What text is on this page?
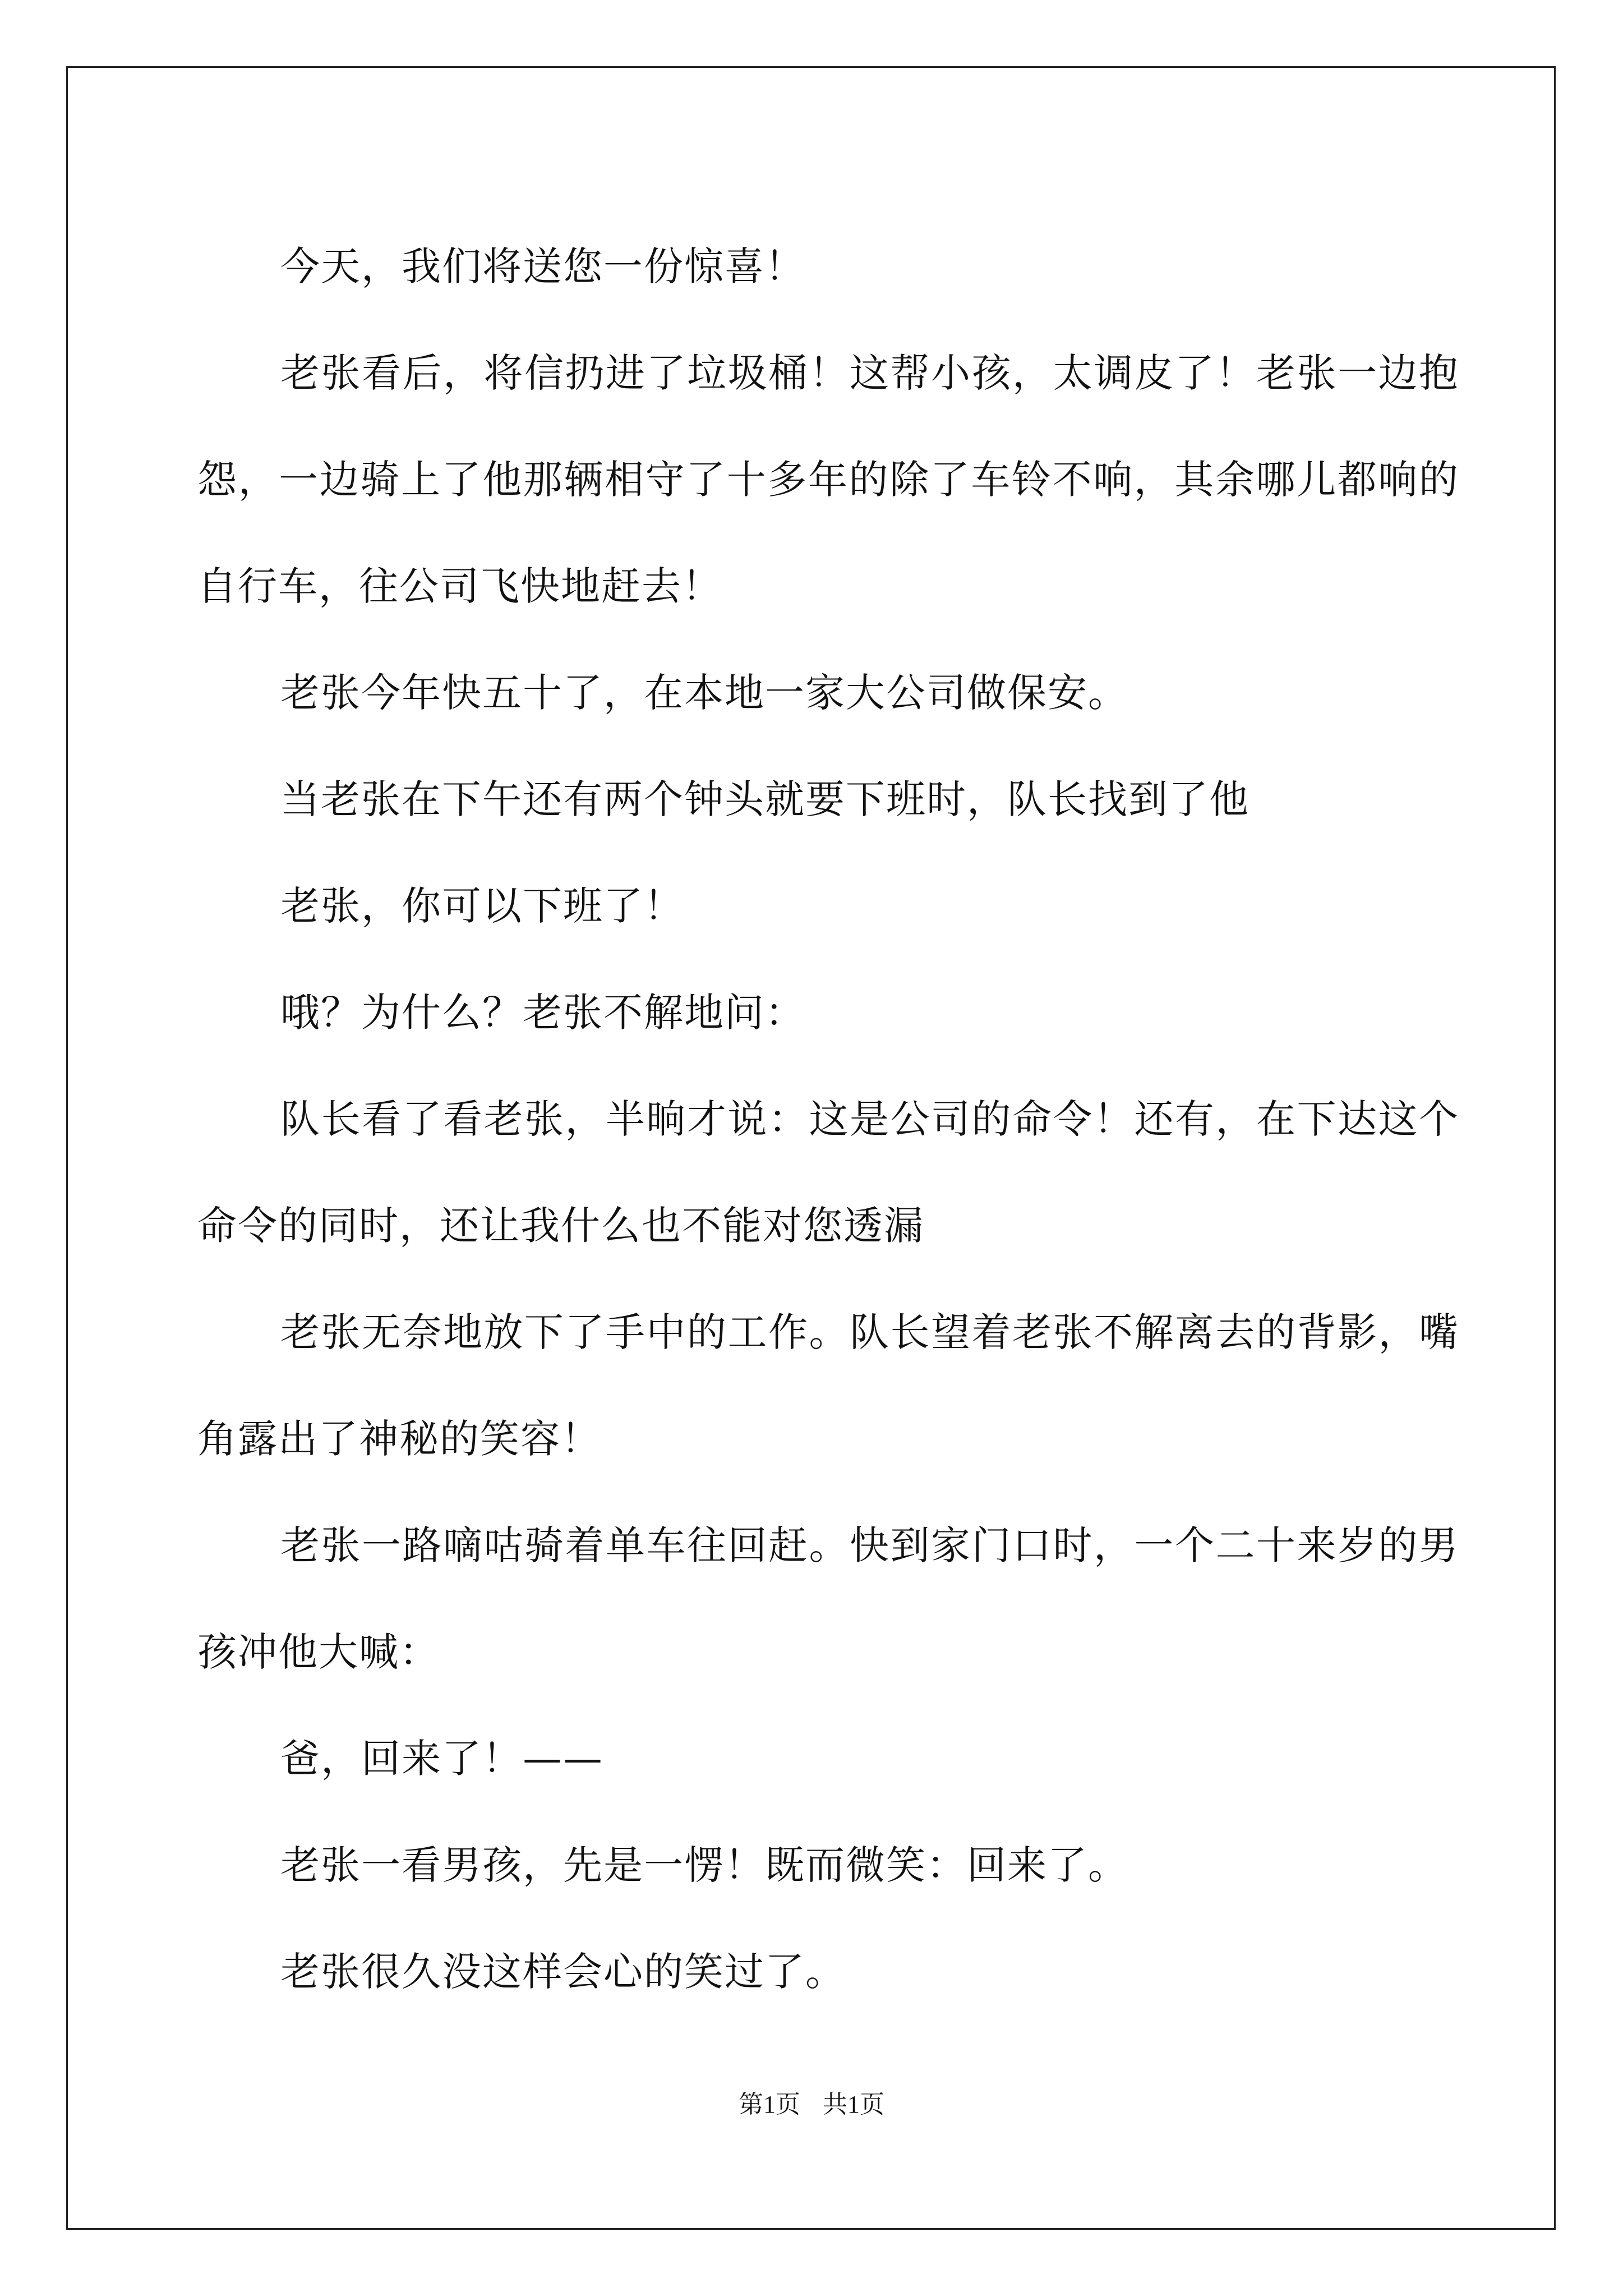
今天，我们将送您一份惊喜！

老张看后，将信扔进了垃圾桶！这帮小孩，太调皮了！老张一边抱怨，一边骑上了他那辆相守了十多年的除了车铃不响，其余哪儿都响的自行车，往公司飞快地赶去！

老张今年快五十了，在本地一家大公司做保安。

当老张在下午还有两个钟头就要下班时，队长找到了他

老张，你可以下班了！

哦？为什么？老张不解地问：

队长看了看老张，半晌才说：这是公司的命令！还有，在下达这个命令的同时，还让我什么也不能对您透漏

老张无奈地放下了手中的工作。队长望着老张不解离去的背影，嘴角露出了神秘的笑容！

老张一路嘀咕骑着单车往回赶。快到家门口时，一个二十来岁的男孩冲他大喊：

爸，回来了！——

老张一看男孩，先是一愣！既而微笑：回来了。

老张很久没这样会心的笑过了。

第1页 共1页
